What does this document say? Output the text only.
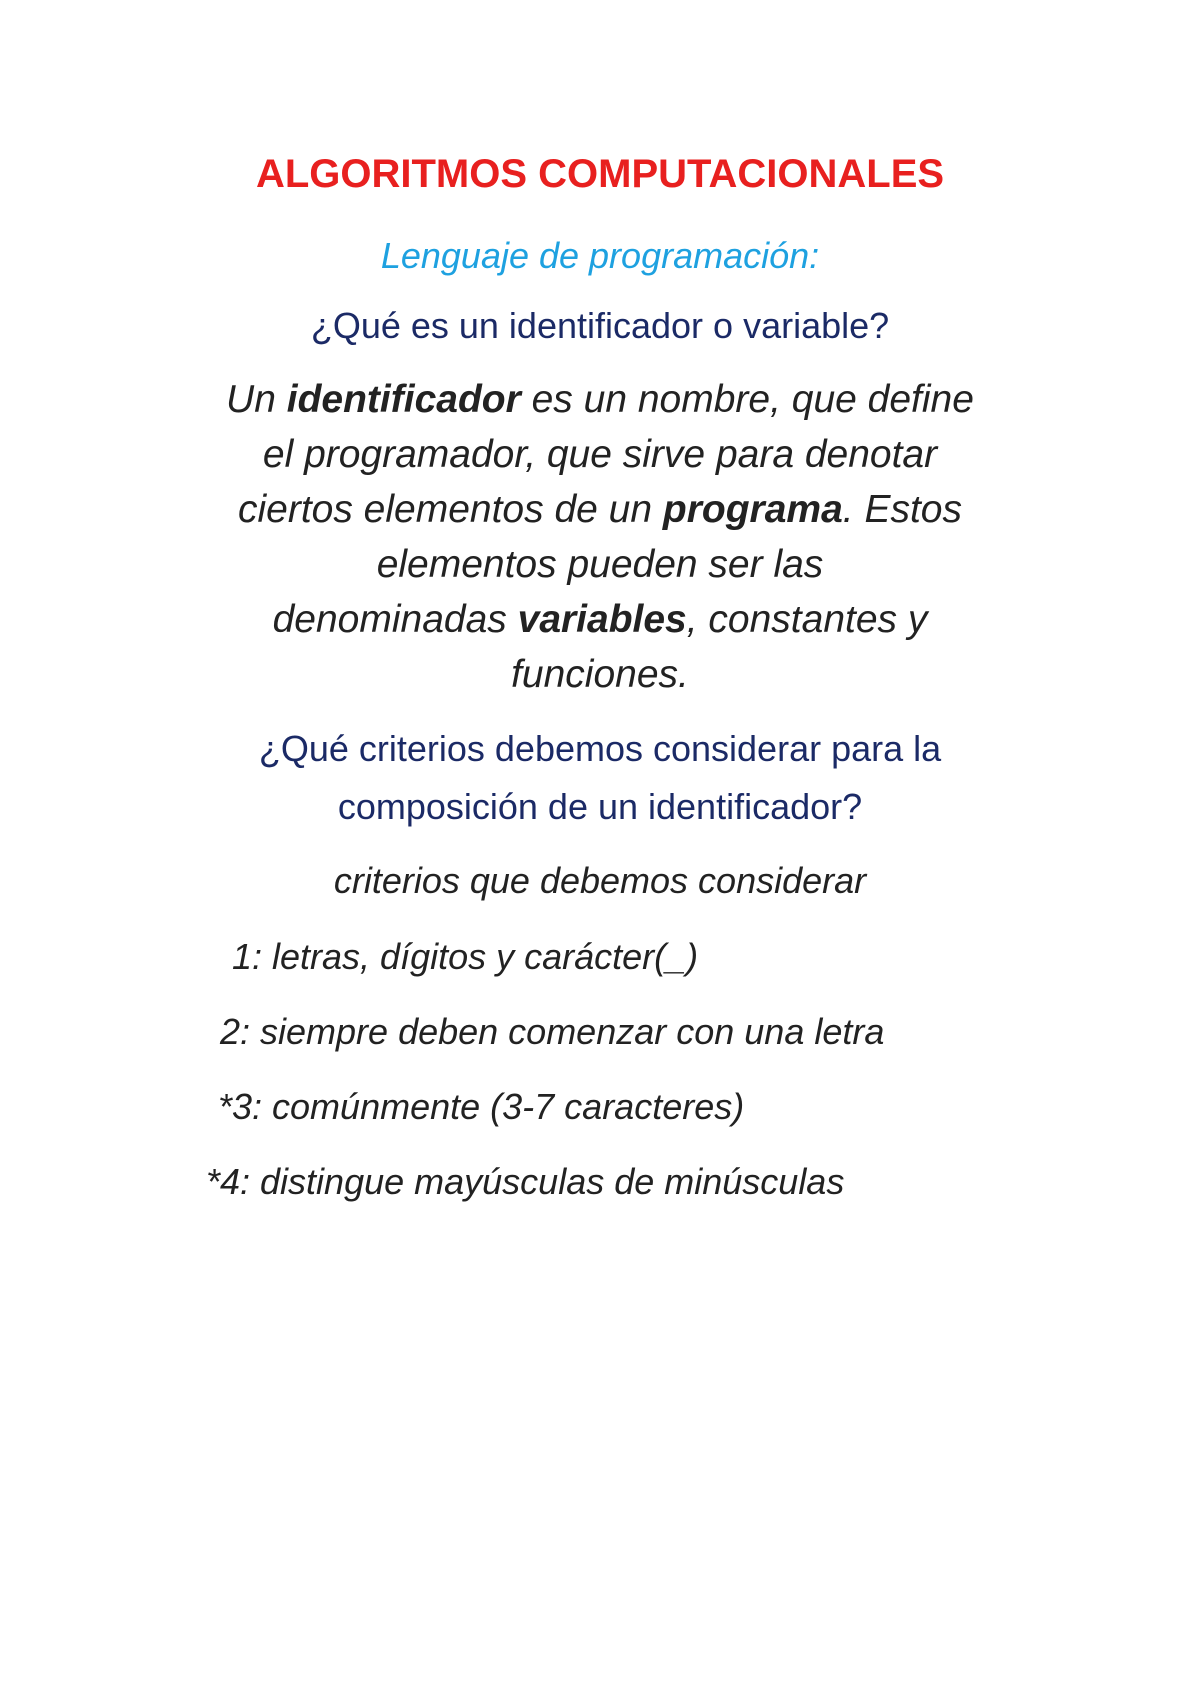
ALGORITMOS COMPUTACIONALES

Lenguaje de programación:

¿Qué es un identificador o variable?

Un identificador es un nombre, que define
el programador, que sirve para denotar
ciertos elementos de un programa. Estos
elementos pueden ser las
denominadas variables, constantes y
funciones.
¿Qué criterios debemos considerar para la
composición de un identificador?

criterios que debemos considerar

1: letras, dígitos y carácter(_)

2: siempre deben comenzar con una letra

*3: comúnmente (3-7 caracteres)

*4: distingue mayúsculas de minúsculas
